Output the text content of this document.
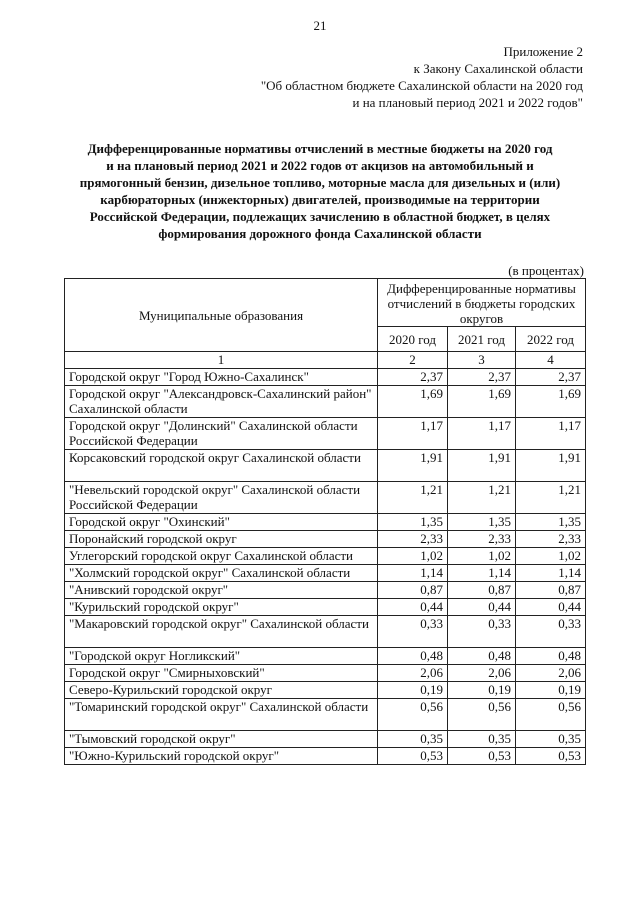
21
Приложение 2
к Закону Сахалинской области
"Об областном бюджете Сахалинской области на 2020 год
и на плановый период 2021 и 2022 годов"
Дифференцированные нормативы отчислений в местные бюджеты на 2020 год
и на плановый период 2021 и 2022 годов от акцизов на автомобильный и
прямогонный бензин, дизельное топливо, моторные масла для дизельных и (или)
карбюраторных (инжекторных) двигателей, производимые на территории
Российской Федерации, подлежащих зачислению в областной бюджет, в целях
формирования дорожного фонда Сахалинской области
(в процентах)
Муниципальные образования	Дифференцированные нормативы отчислений в бюджеты городских округов		
	2020 год	2021 год	2022 год
1	2	3	4
Городской округ "Город Южно-Сахалинск"	2,37	2,37	2,37
Городской округ "Александровск-Сахалинский район" Сахалинской области	1,69	1,69	1,69
Городской округ "Долинский" Сахалинской области Российской Федерации	1,17	1,17	1,17
Корсаковский городской округ Сахалинской области	1,91	1,91	1,91
"Невельский городской округ" Сахалинской области Российской Федерации	1,21	1,21	1,21
Городской округ "Охинский"	1,35	1,35	1,35
Поронайский городской округ	2,33	2,33	2,33
Углегорский городской округ Сахалинской области	1,02	1,02	1,02
"Холмский городской округ" Сахалинской области	1,14	1,14	1,14
"Анивский городской округ"	0,87	0,87	0,87
"Курильский городской округ"	0,44	0,44	0,44
"Макаровский городской округ" Сахалинской области	0,33	0,33	0,33
"Городской округ Ногликский"	0,48	0,48	0,48
Городской округ "Смирныховский"	2,06	2,06	2,06
Северо-Курильский городской округ	0,19	0,19	0,19
"Томаринский городской округ" Сахалинской области	0,56	0,56	0,56
"Тымовский городской округ"	0,35	0,35	0,35
"Южно-Курильский городской округ"	0,53	0,53	0,53
